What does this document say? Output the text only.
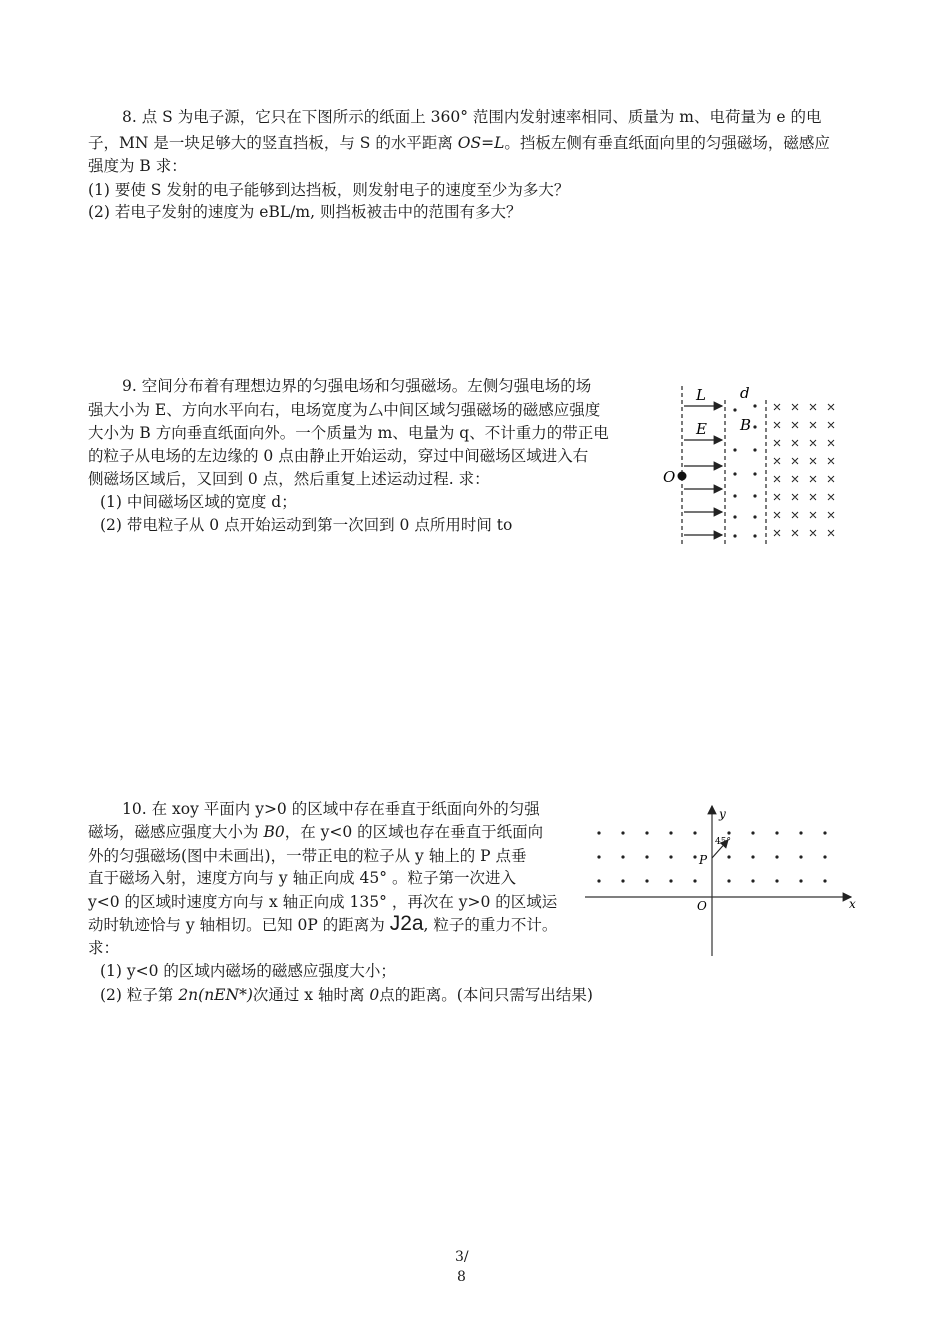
8. 点 S 为电子源，它只在下图所示的纸面上 360° 范围内发射速率相同、质量为 m、电荷量为 e 的电
子，MN 是一块足够大的竖直挡板，与 S 的水平距离 OS=L。挡板左侧有垂直纸面向里的匀强磁场，磁感应
强度为 B 求：
(1) 要使 S 发射的电子能够到达挡板，则发射电子的速度至少为多大？
(2) 若电子发射的速度为 eBL/m, 则挡板被击中的范围有多大？
9. 空间分布着有理想边界的匀强电场和匀强磁场。左侧匀强电场的场
强大小为 E、方向水平向右，电场宽度为厶中间区域匀强磁场的磁感应强度
大小为 B 方向垂直纸面向外。一个质量为 m、电量为 q、不计重力的带正电
的粒子从电场的左边缘的 0 点由静止开始运动，穿过中间磁场区域进入右
侧磁场区域后，又回到 0 点，然后重复上述运动过程. 求：
(1) 中间磁场区域的宽度 d；
(2) 带电粒子从 0 点开始运动到第一次回到 0 点所用时间 to
L d
E B
O
10. 在 xoy 平面内 y>0 的区域中存在垂直于纸面向外的匀强
磁场，磁感应强度大小为 B0，在 y<0 的区域也存在垂直于纸面向
外的匀强磁场(图中未画出)，一带正电的粒子从 y 轴上的 P 点垂
直于磁场入射，速度方向与 y 轴正向成 45° 。粒子第一次进入
y<0 的区域时速度方向与 x 轴正向成 135° ，再次在 y>0 的区域运
动时轨迹恰与 y 轴相切。已知 0P 的距离为 J2a, 粒子的重力不计。
求：
(1) y<0 的区域内磁场的磁感应强度大小；
(2) 粒子第 2n(nEN*)次通过 x 轴时离 0点的距离。(本问只需写出结果)
y
x
O
P
45°
3/
8
